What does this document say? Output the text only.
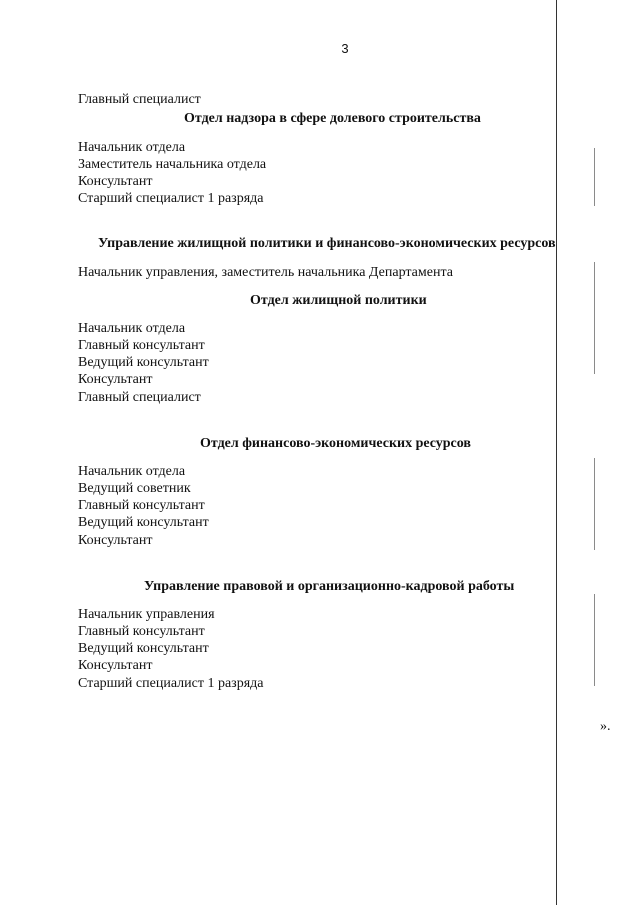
3
Главный специалист
Отдел надзора в сфере долевого строительства
Начальник отдела
Заместитель начальника отдела
Консультант
Старший специалист 1 разряда
Управление жилищной политики и финансово-экономических ресурсов
Начальник управления, заместитель начальника Департамента
Отдел жилищной политики
Начальник отдела
Главный консультант
Ведущий консультант
Консультант
Главный специалист
Отдел финансово-экономических ресурсов
Начальник отдела
Ведущий советник
Главный консультант
Ведущий консультант
Консультант
Управление правовой и организационно-кадровой работы
Начальник управления
Главный консультант
Ведущий консультант
Консультант
Старший специалист 1 разряда
».
